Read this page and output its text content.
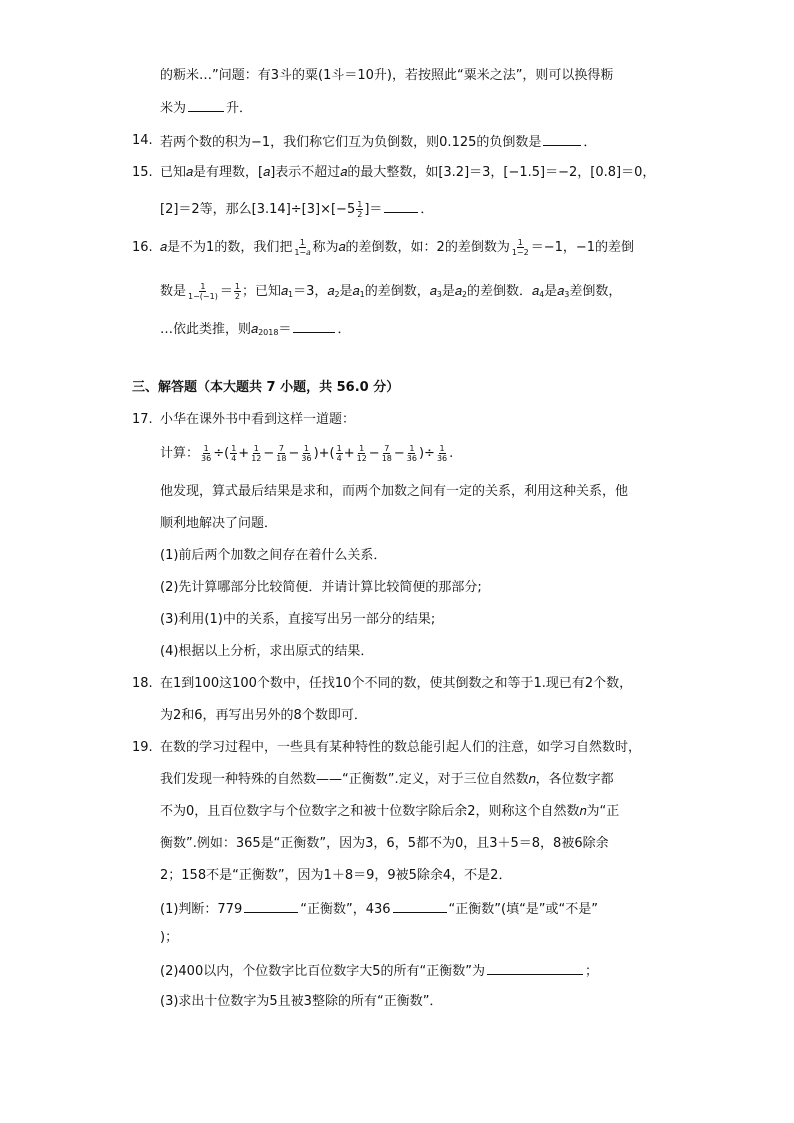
的粝米…”问题：有3斗的粟(1斗＝10升)，若按照此“粟米之法”，则可以换得粝
米为	升．
14. 若两个数的积为−1，我们称它们互为负倒数，则0.125的负倒数是	．
15. 已知𝑎是有理数，[𝑎]表示不超过𝑎的最大整数，如[3.2]＝3，[−1.5]＝−2，[0.8]＝0，
[2]＝2等，那么$[3.14]\div[3]\times[-5 \frac{1}{2}$ ]＝	．
16. 𝑎是不为1的数，我们把 $\frac{1}{\text{1−𝑎}}$ 称为𝑎的差倒数，如：2的差倒数为 $\frac{1}{1-2} =-1$，−1的差倒
数是 $\frac{1}{1-(-1)} = \frac{1}{2}$ ；已知𝑎$_1$＝3，𝑎$_2$是𝑎$_1$的差倒数，𝑎$_3$是𝑎$_2$的差倒数．𝑎$_4$是𝑎$_3$差倒数，
…依此类推，则𝑎$_{2018}$＝	．
三、解答题（本大题共 7 小题，共 56.0 分）
17. 小华在课外书中看到这样一道题：
计算： $\frac{1}{36}$ ÷( $\frac{1}{4} + \frac{1}{12} - \frac{7}{18} - \frac{1}{36}$ )+( $\frac{1}{4} + \frac{1}{12} - \frac{7}{18} - \frac{1}{36}$ )÷ $\frac{1}{36}$ .
他发现，算式最后结果是求和，而两个加数之间有一定的关系，利用这种关系，他
顺利地解决了问题．
(1)前后两个加数之间存在着什么关系．
(2)先计算哪部分比较简便．并请计算比较简便的那部分;
(3)利用(1)中的关系，直接写出另一部分的结果;
(4)根据以上分析，求出原式的结果．
18. 在1到100这100个数中，任找10个不同的数，使其倒数之和等于1.现已有2个数，
为2和6，再写出另外的8个数即可．
19. 在数的学习过程中，一些具有某种特性的数总能引起人们的注意，如学习自然数时，
我们发现一种特殊的自然数——“正衡数”.定义，对于三位自然数𝑛，各位数字都
不为0，且百位数字与个位数字之和被十位数字除后余2，则称这个自然数𝑛为“正
衡数”.例如：365是“正衡数”，因为3，6，5都不为0，且3＋5＝8，8被6除余
2；158不是“正衡数”，因为1＋8＝9，9被5除余4，不是2．
(1)判断：779	“正衡数”，436	“正衡数”(填“是”或“不是”
)；
(2)400以内，个位数字比百位数字大5的所有“正衡数”为	；
(3)求出十位数字为5且被3整除的所有“正衡数”．
